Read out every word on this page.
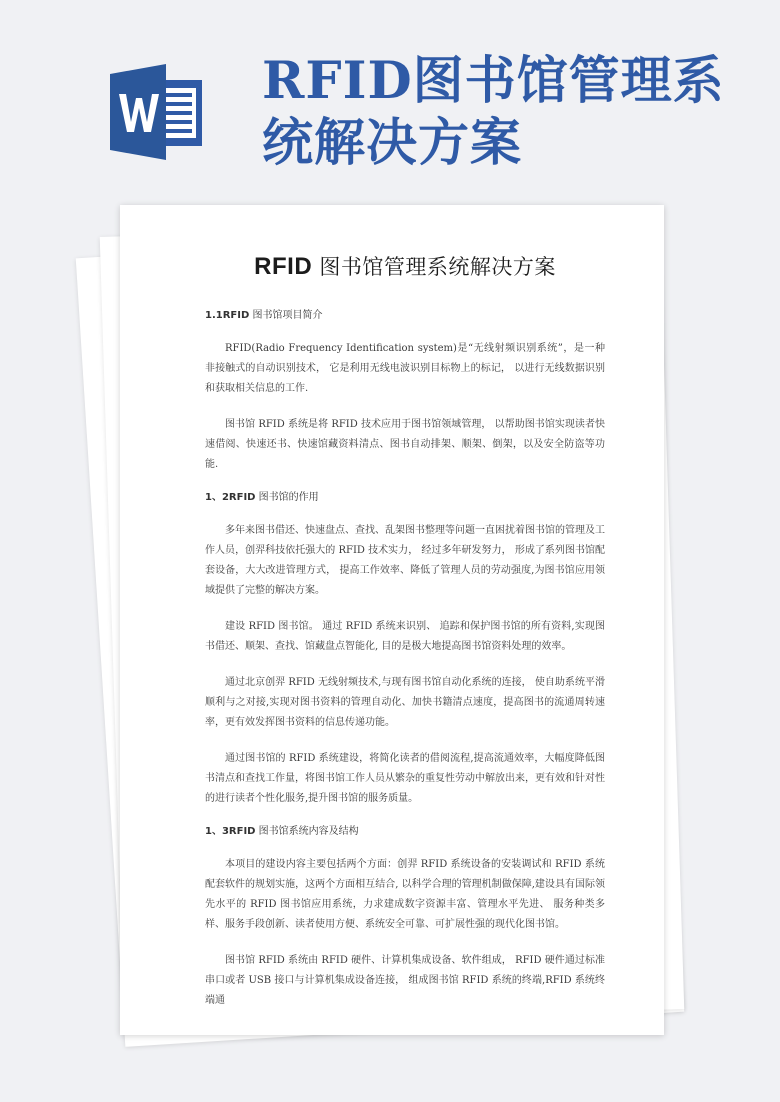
RFID图书馆管理系统解决方案
RFID 图书馆管理系统解决方案
1.1RFID 图书馆项目简介

RFID(Radio Frequency Identification system)是“无线射频识别系统”，是一种非接触式的自动识别技术， 它是利用无线电波识别目标物上的标记， 以进行无线数据识别和获取相关信息的工作.

图书馆 RFID 系统是将 RFID 技术应用于图书馆领域管理， 以帮助图书馆实现读者快速借阅、快速还书、快速馆藏资料清点、图书自动排架、顺架、倒架，以及安全防盗等功能.

1、2RFID 图书馆的作用

多年来图书借还、快速盘点、查找、乱架图书整理等问题一直困扰着图书馆的管理及工作人员，创羿科技依托强大的 RFID 技术实力， 经过多年研发努力， 形成了系列图书馆配套设备，大大改进管理方式， 提高工作效率、降低了管理人员的劳动强度,为图书馆应用领域提供了完整的解决方案。

建设 RFID 图书馆。 通过 RFID 系统来识别、 追踪和保护图书馆的所有资料,实现图书借还、顺架、查找、馆藏盘点智能化, 目的是极大地提高图书馆资料处理的效率。

通过北京创羿 RFID 无线射频技术,与现有图书馆自动化系统的连接， 使自助系统平滑顺利与之对接,实现对图书资料的管理自动化、加快书籍清点速度，提高图书的流通周转速率，更有效发挥图书资料的信息传递功能。

通过图书馆的 RFID 系统建设，将简化读者的借阅流程,提高流通效率，大幅度降低图书清点和查找工作量，将图书馆工作人员从繁杂的重复性劳动中解放出来，更有效和针对性的进行读者个性化服务,提升图书馆的服务质量。

1、3RFID 图书馆系统内容及结构

本项目的建设内容主要包括两个方面：创羿 RFID 系统设备的安装调试和 RFID 系统配套软件的规划实施，这两个方面相互结合, 以科学合理的管理机制做保障,建设具有国际领先水平的 RFID 图书馆应用系统，力求建成数字资源丰富、管理水平先进、 服务种类多样、服务手段创新、读者使用方便、系统安全可靠、可扩展性强的现代化图书馆。

图书馆 RFID 系统由 RFID 硬件、计算机集成设备、软件组成， RFID 硬件通过标准串口或者 USB 接口与计算机集成设备连接， 组成图书馆 RFID 系统的终端,RFID 系统终端通
